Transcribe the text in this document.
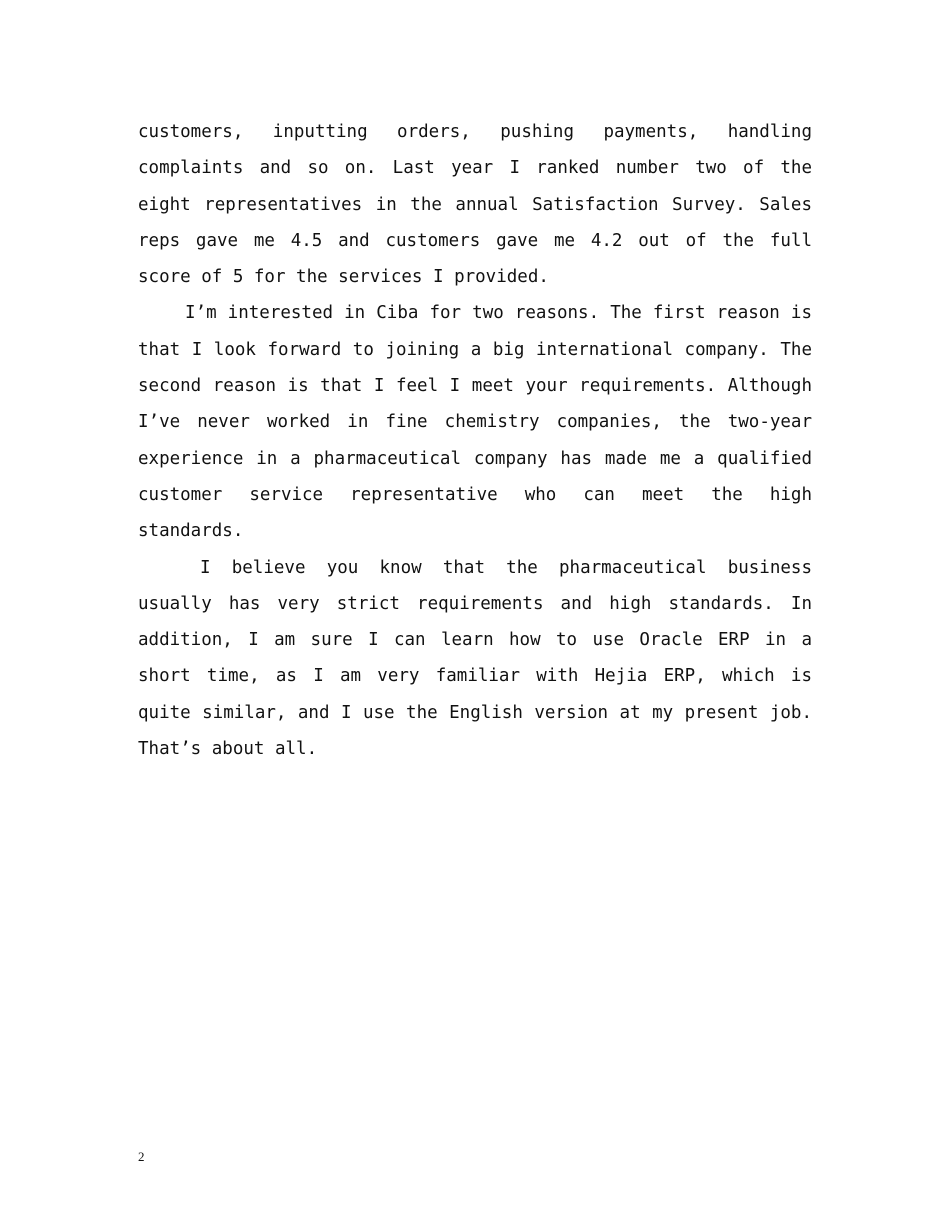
customers, inputting orders, pushing payments, handling complaints and so on. Last year I ranked number two of the eight representatives in the annual Satisfaction Survey. Sales reps gave me 4.5 and customers gave me 4.2 out of the full score of 5 for the services I provided.

I’m interested in Ciba for two reasons. The first reason is that I look forward to joining a big international company. The second reason is that I feel I meet your requirements. Although I’ve never worked in fine chemistry companies, the two-year experience in a pharmaceutical company has made me a qualified customer service representative who can meet the high standards.

I believe you know that the pharmaceutical business usually has very strict requirements and high standards. In addition, I am sure I can learn how to use Oracle ERP in a short time, as I am very familiar with Hejia ERP, which is quite similar, and I use the English version at my present job. That’s about all.

2
